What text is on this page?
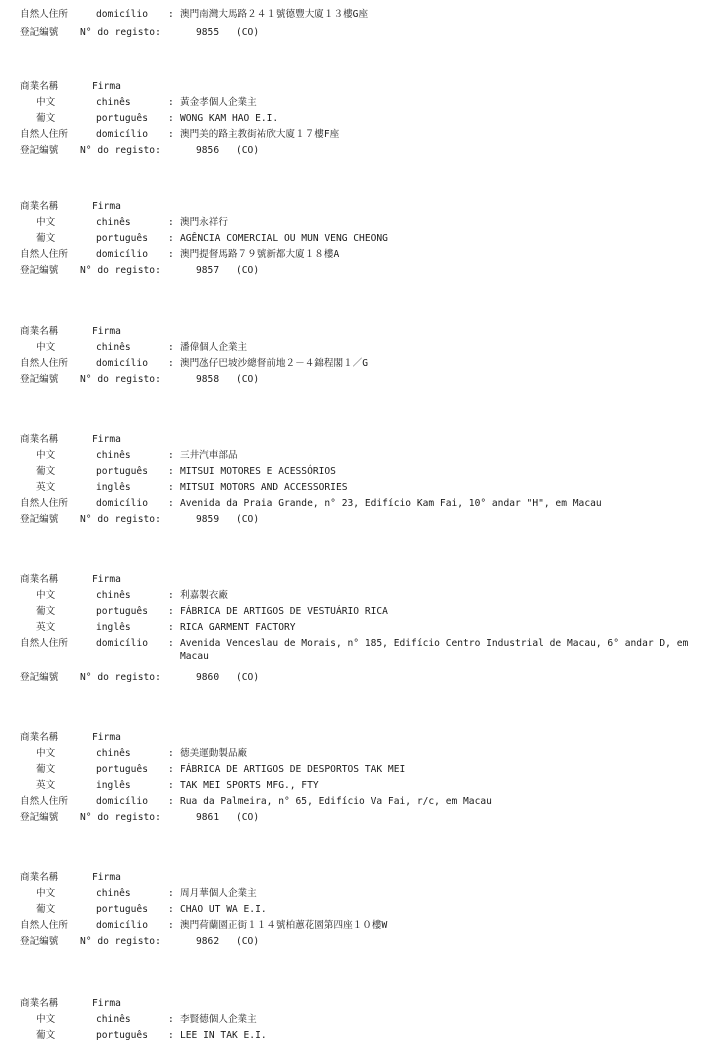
自然人住所	domicílio : 澳門南灣大馬路２４１號德豐大廈１３樓G座
登記編號 N° do registo:	9855 (CO)
商業名稱	Firma
中文	chinês	: 黃金孝個人企業主
葡文	português : WONG KAM HAO E.I.
自然人住所	domicílio : 澳門美的路主教街祐欣大廈１７樓F座
登記編號 N° do registo:	9856 (CO)
商業名稱	Firma
中文	chinês	: 澳門永祥行
葡文	português : AGÊNCIA COMERCIAL OU MUN VENG CHEONG
自然人住所	domicílio : 澳門提督馬路７９號新都大廈１８樓A
登記編號 N° do registo:	9857 (CO)
商業名稱	Firma
中文	chinês	: 潘偉個人企業主
自然人住所	domicílio : 澳門氹仔巴坡沙總督前地２－４錦程閣１／G
登記編號 N° do registo:	9858 (CO)
商業名稱	Firma
中文	chinês	: 三井汽車部品
葡文	português : MITSUI MOTORES E ACESSÓRIOS
英文	inglês	: MITSUI MOTORS AND ACCESSORIES
自然人住所	domicílio : Avenida da Praia Grande, n° 23, Edifício Kam Fai, 10° andar "H", em Macau
登記編號 N° do registo:	9859 (CO)
商業名稱	Firma
中文	chinês	: 利嘉製衣廠
葡文	português : FÁBRICA DE ARTIGOS DE VESTUÁRIO RICA
英文	inglês	: RICA GARMENT FACTORY
自然人住所	domicílio : Avenida Venceslau de Morais, n° 185, Edifício Centro Industrial de Macau, 6° andar D, em Macau
登記編號 N° do registo:	9860 (CO)
商業名稱	Firma
中文	chinês	: 德美運動製品廠
葡文	português : FÁBRICA DE ARTIGOS DE DESPORTOS TAK MEI
英文	inglês	: TAK MEI SPORTS MFG., FTY
自然人住所	domicílio : Rua da Palmeira, n° 65, Edifício Va Fai, r/c, em Macau
登記編號 N° do registo:	9861 (CO)
商業名稱	Firma
中文	chinês	: 周月華個人企業主
葡文	português : CHAO UT WA E.I.
自然人住所	domicílio : 澳門荷蘭園正街１１４號柏蕙花園第四座１０樓W
登記編號 N° do registo:	9862 (CO)
商業名稱	Firma
中文	chinês	: 李賢德個人企業主
葡文	português : LEE IN TAK E.I.
